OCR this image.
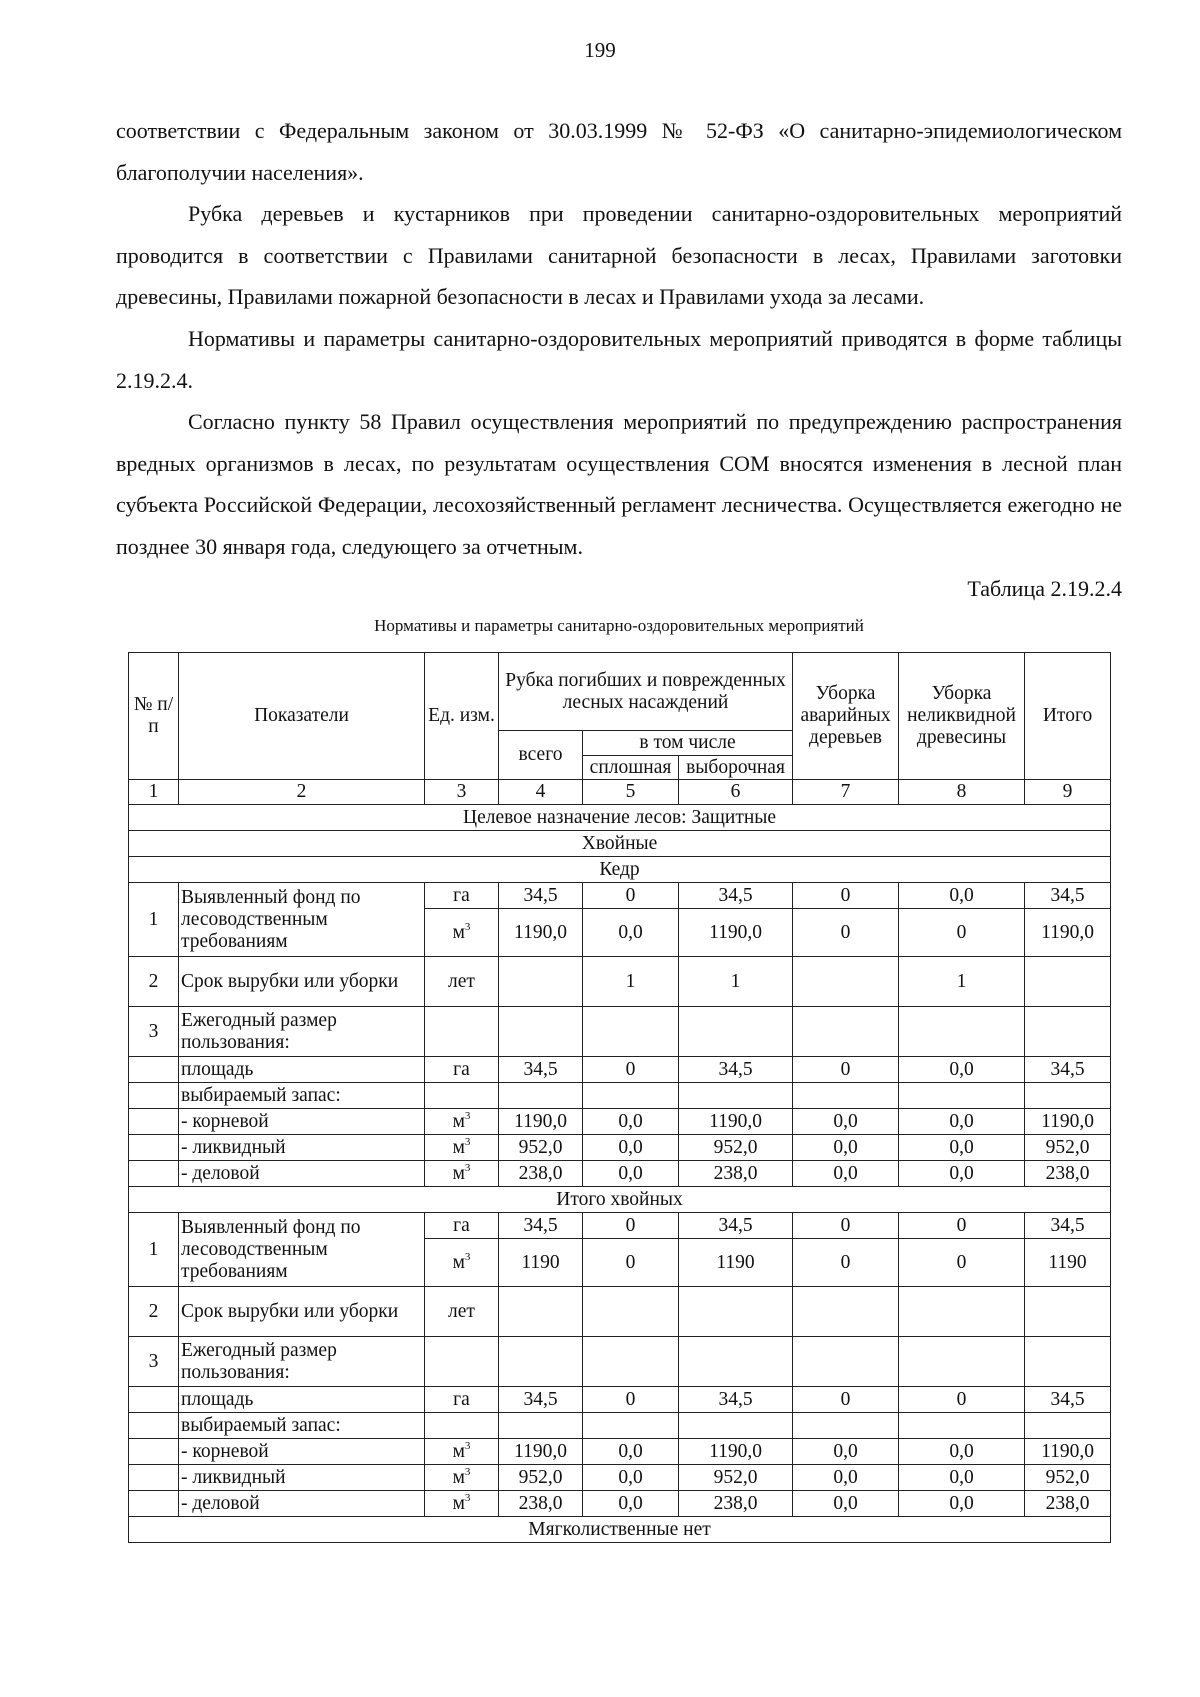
199

соответствии с Федеральным законом от 30.03.1999 № 52-ФЗ «О санитарно-эпидемиологическом благополучии населения».

Рубка деревьев и кустарников при проведении санитарно-оздоровительных мероприятий проводится в соответствии с Правилами санитарной безопасности в лесах, Правилами заготовки древесины, Правилами пожарной безопасности в лесах и Правилами ухода за лесами.

Нормативы и параметры санитарно-оздоровительных мероприятий приводятся в форме таблицы 2.19.2.4.

Согласно пункту 58 Правил осуществления мероприятий по предупреждению распространения вредных организмов в лесах, по результатам осуществления СОМ вносятся изменения в лесной план субъекта Российской Федерации, лесохозяйственный регламент лесничества. Осуществляется ежегодно не позднее 30 января года, следующего за отчетным.

Таблица 2.19.2.4

Нормативы и параметры санитарно-оздоровительных мероприятий
№ п/п	Показатели	Ед. изм.	Рубка погибших и поврежденных лесных насаждений			Уборка аварийных деревьев	Уборка неликвидной древесины	Итого
			всего	в том числе				
				сплошная	выборочная			
1	2	3	4	5	6	7	8	9
Целевое назначение лесов: Защитные								
Хвойные								
Кедр								
1	Выявленный фонд по лесоводственным требованиям	га	34,5	0	34,5	0	0,0	34,5
		$м^3$	1190,0	0,0	1190,0	0	0	1190,0
2	Срок вырубки или уборки	лет		1	1		1	
3	Ежегодный размер пользования:							
	площадь	га	34,5	0	34,5	0	0,0	34,5
	выбираемый запас:							
	- корневой	$м^3$	1190,0	0,0	1190,0	0,0	0,0	1190,0
	- ликвидный	$м^3$	952,0	0,0	952,0	0,0	0,0	952,0
	- деловой	$м^3$	238,0	0,0	238,0	0,0	0,0	238,0
Итого хвойных								
1	Выявленный фонд по лесоводственным требованиям	га	34,5	0	34,5	0	0	34,5
		$м^3$	1190	0	1190	0	0	1190
2	Срок вырубки или уборки	лет						
3	Ежегодный размер пользования:							
	площадь	га	34,5	0	34,5	0	0	34,5
	выбираемый запас:							
	- корневой	$м^3$	1190,0	0,0	1190,0	0,0	0,0	1190,0
	- ликвидный	$м^3$	952,0	0,0	952,0	0,0	0,0	952,0
	- деловой	$м^3$	238,0	0,0	238,0	0,0	0,0	238,0
Мягколиственные нет								
